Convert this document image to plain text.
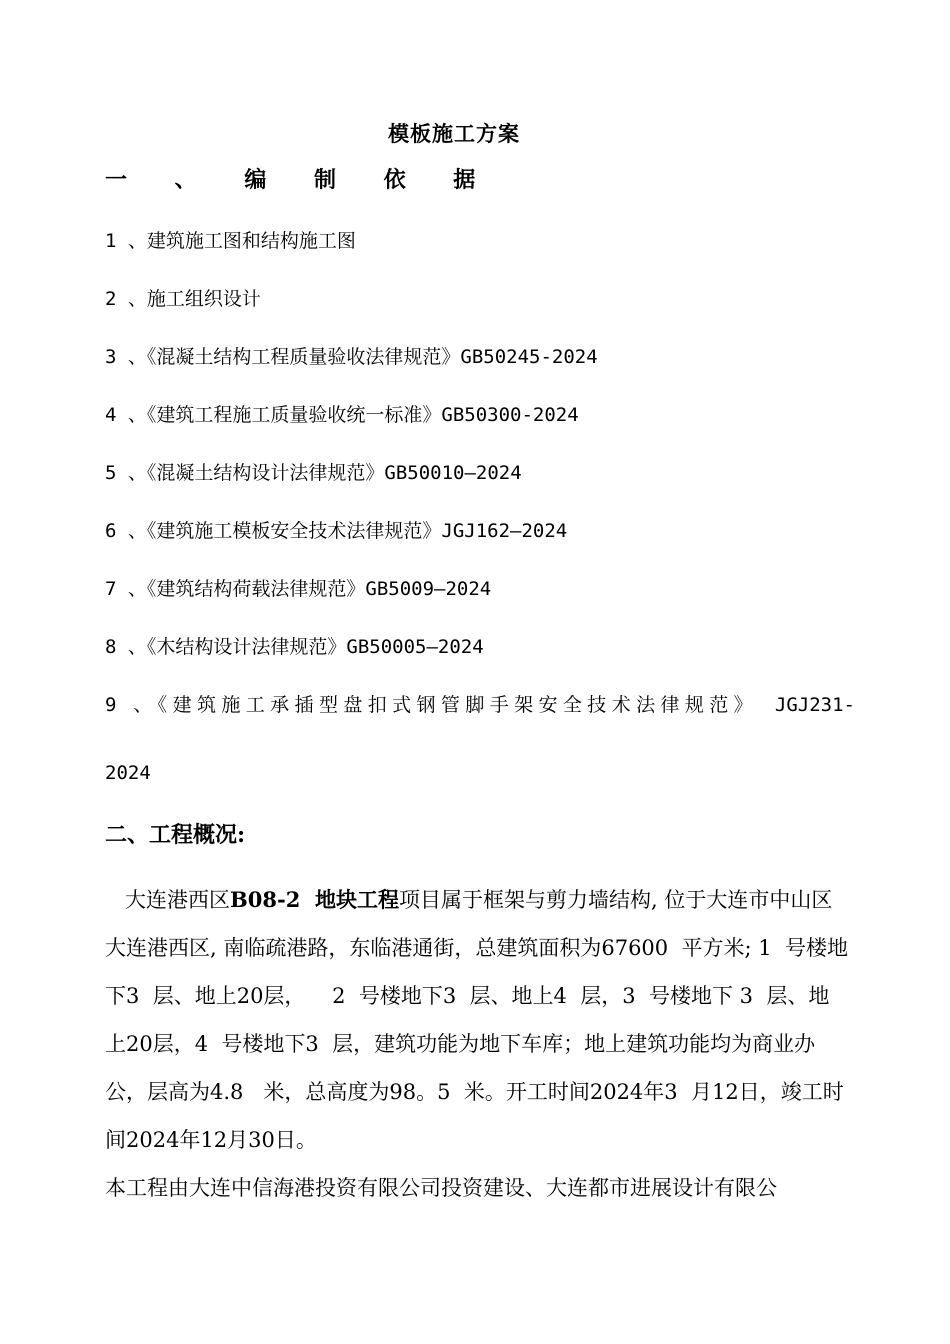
模板施工方案
一 、 编 制 依 据
1 、建筑施工图和结构施工图
2 、施工组织设计
3 、《混凝土结构工程质量验收法律规范》GB50245-2024
4 、《建筑工程施工质量验收统一标准》GB50300-2024
5 、《混凝土结构设计法律规范》GB50010—2024
6 、《建筑施工模板安全技术法律规范》JGJ162—2024
7 、《建筑结构荷载法律规范》GB5009—2024
8 、《木结构设计法律规范》GB50005—2024
9 、《建筑施工承插型盘扣式钢管脚手架安全技术法律规范》 JGJ231-
2024
二、工程概况:

大连港西区B08-2  地块工程项目属于框架与剪力墙结构, 位于大连市中山区大连港西区, 南临疏港路，东临港通街，总建筑面积为67600  平方米; 1  号楼地下3  层、地上20层，    2  号楼地下3  层、地上4  层，3  号楼地下 3  层、地上20层，4  号楼地下3  层，建筑功能为地下车库；地上建筑功能均为商业办公，层高为4.8   米，总高度为98。5  米。开工时间2024年3  月12日，竣工时间2024年12月30日。

本工程由大连中信海港投资有限公司投资建设、大连都市进展设计有限公
